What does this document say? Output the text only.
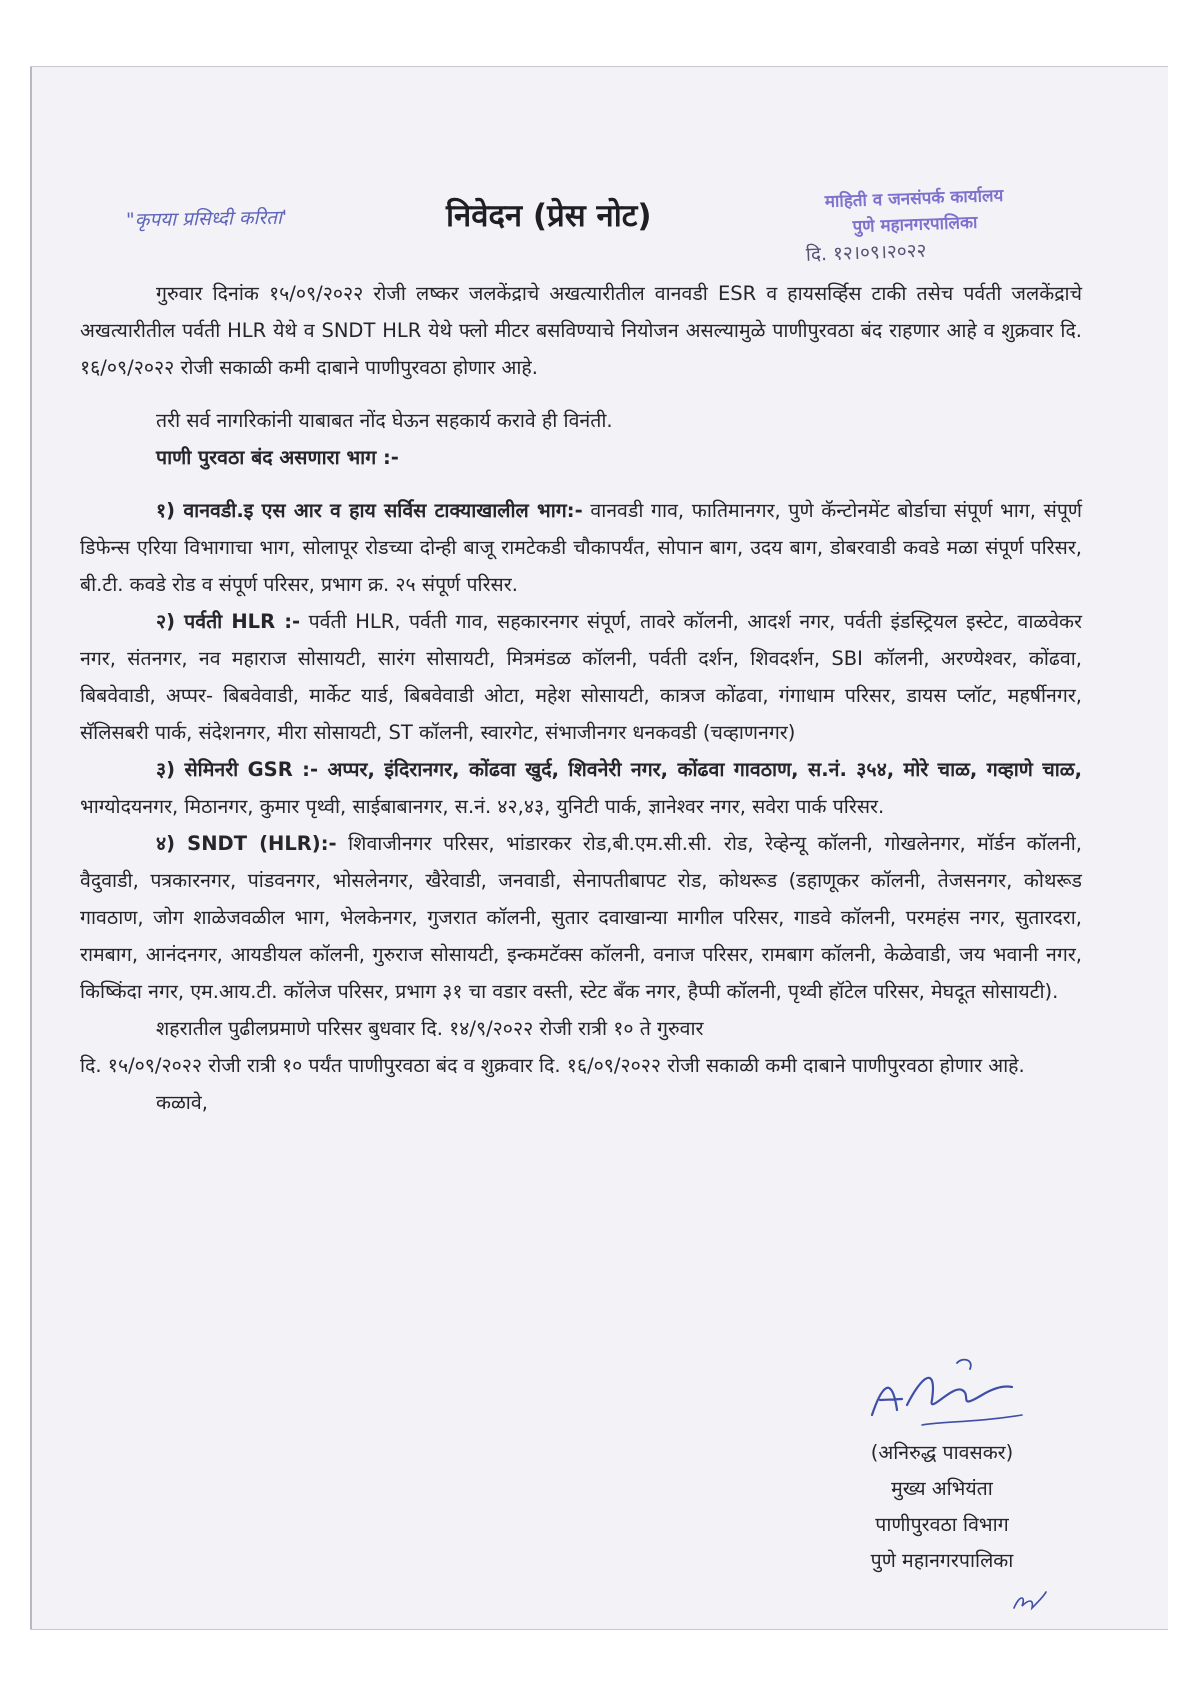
"कृपया प्रसिध्दी करिता'	निवेदन (प्रेस नोट)	माहिती व जनसंपर्क कार्यालय
पुणे महानगरपालिका
दि. १२।०९।२०२२

गुरुवार दिनांक १५/०९/२०२२ रोजी लष्कर जलकेंद्राचे अखत्यारीतील वानवडी ESR व हायसर्व्हिस टाकी तसेच पर्वती जलकेंद्राचे अखत्यारीतील पर्वती HLR येथे व SNDT HLR येथे फ्लो मीटर बसविण्याचे नियोजन असल्यामुळे पाणीपुरवठा बंद राहणार आहे व शुक्रवार दि. १६/०९/२०२२ रोजी सकाळी कमी दाबाने पाणीपुरवठा होणार आहे.

तरी सर्व नागरिकांनी याबाबत नोंद घेऊन सहकार्य करावे ही विनंती.

पाणी पुरवठा बंद असणारा भाग :-

१) वानवडी.इ एस आर व हाय सर्विस टाक्याखालील भाग:- वानवडी गाव, फातिमानगर, पुणे कॅन्टोनमेंट बोर्डाचा संपूर्ण भाग, संपूर्ण डिफेन्स एरिया विभागाचा भाग, सोलापूर रोडच्या दोन्ही बाजू रामटेकडी चौकापर्यंत, सोपान बाग, उदय बाग, डोबरवाडी कवडे मळा संपूर्ण परिसर, बी.टी. कवडे रोड व संपूर्ण परिसर, प्रभाग क्र. २५ संपूर्ण परिसर.

२) पर्वती HLR :- पर्वती HLR, पर्वती गाव, सहकारनगर संपूर्ण, तावरे कॉलनी, आदर्श नगर, पर्वती इंडस्ट्रियल इस्टेट, वाळवेकर नगर, संतनगर, नव महाराज सोसायटी, सारंग सोसायटी, मित्रमंडळ कॉलनी, पर्वती दर्शन, शिवदर्शन, SBI कॉलनी, अरण्येश्वर, कोंढवा, बिबवेवाडी, अप्पर- बिबवेवाडी, मार्केट यार्ड, बिबवेवाडी ओटा, महेश सोसायटी, कात्रज कोंढवा, गंगाधाम परिसर, डायस प्लॉट, महर्षीनगर, सॅलिसबरी पार्क, संदेशनगर, मीरा सोसायटी, ST कॉलनी, स्वारगेट, संभाजीनगर धनकवडी (चव्हाणनगर)

३) सेमिनरी GSR :- अप्पर, इंदिरानगर, कोंढवा खुर्द, शिवनेरी नगर, कोंढवा गावठाण, स.नं. ३५४, मोरे चाळ, गव्हाणे चाळ, भाग्योदयनगर, मिठानगर, कुमार पृथ्वी, साईबाबानगर, स.नं. ४२,४३, युनिटी पार्क, ज्ञानेश्वर नगर, सवेरा पार्क परिसर.

४) SNDT (HLR):- शिवाजीनगर परिसर, भांडारकर रोड,बी.एम.सी.सी. रोड, रेव्हेन्यू कॉलनी, गोखलेनगर, मॉर्डन कॉलनी, वैदुवाडी, पत्रकारनगर, पांडवनगर, भोसलेनगर, खैरेवाडी, जनवाडी, सेनापतीबापट रोड, कोथरूड (डहाणूकर कॉलनी, तेजसनगर, कोथरूड गावठाण, जोग शाळेजवळील भाग, भेलकेनगर, गुजरात कॉलनी, सुतार दवाखान्या मागील परिसर, गाडवे कॉलनी, परमहंस नगर, सुतारदरा, रामबाग, आनंदनगर, आयडीयल कॉलनी, गुरुराज सोसायटी, इन्कमटॅक्स कॉलनी, वनाज परिसर, रामबाग कॉलनी, केळेवाडी, जय भवानी नगर, किष्किंदा नगर, एम.आय.टी. कॉलेज परिसर, प्रभाग ३१ चा वडार वस्ती, स्टेट बँक नगर, हैप्पी कॉलनी, पृथ्वी हॉटेल परिसर, मेघदूत सोसायटी).

शहरातील पुढीलप्रमाणे परिसर बुधवार दि. १४/९/२०२२ रोजी रात्री १० ते गुरुवार

दि. १५/०९/२०२२ रोजी रात्री १० पर्यंत पाणीपुरवठा बंद व शुक्रवार दि. १६/०९/२०२२ रोजी सकाळी कमी दाबाने पाणीपुरवठा होणार आहे.

कळावे,

(अनिरुद्ध पावसकर)
मुख्य अभियंता
पाणीपुरवठा विभाग
पुणे महानगरपालिका
